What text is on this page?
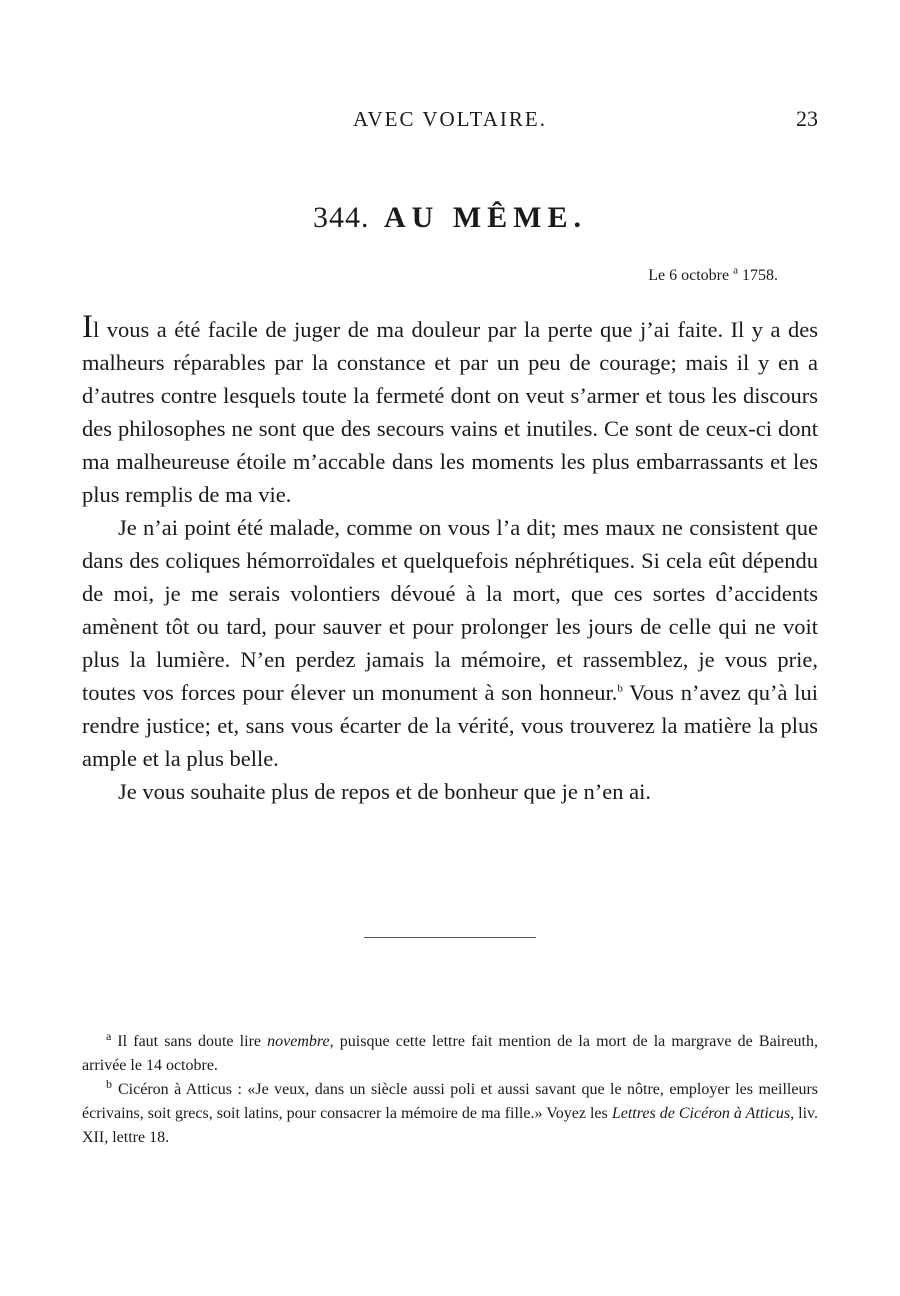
AVEC VOLTAIRE.	23
344. AU MÊME.
Le 6 octobre $^a$ 1758.

Il vous a été facile de juger de ma douleur par la perte que j’ai faite. Il y a des malheurs réparables par la constance et par un peu de courage; mais il y en a d’autres contre lesquels toute la fermeté dont on veut s’armer et tous les discours des philosophes ne sont que des secours vains et inutiles. Ce sont de ceux-ci dont ma malheureuse étoile m’accable dans les moments les plus embarrassants et les plus remplis de ma vie.

Je n’ai point été malade, comme on vous l’a dit; mes maux ne consistent que dans des coliques hémorroïdales et quelquefois néphrétiques. Si cela eût dépendu de moi, je me serais volontiers dévoué à la mort, que ces sortes d’accidents amènent tôt ou tard, pour sauver et pour prolonger les jours de celle qui ne voit plus la lumière. N’en perdez jamais la mémoire, et rassemblez, je vous prie, toutes vos forces pour élever un monument à son honneur.$^b$ Vous n’avez qu’à lui rendre justice; et, sans vous écarter de la vérité, vous trouverez la matière la plus ample et la plus belle.

Je vous souhaite plus de repos et de bonheur que je n’en ai.

$^a$ Il faut sans doute lire novembre, puisque cette lettre fait mention de la mort de la margrave de Baireuth, arrivée le 14 octobre.

$^b$ Cicéron à Atticus : «Je veux, dans un siècle aussi poli et aussi savant que le nôtre, employer les meilleurs écrivains, soit grecs, soit latins, pour consacrer la mémoire de ma fille.» Voyez les Lettres de Cicéron à Atticus, liv. XII, lettre 18.
